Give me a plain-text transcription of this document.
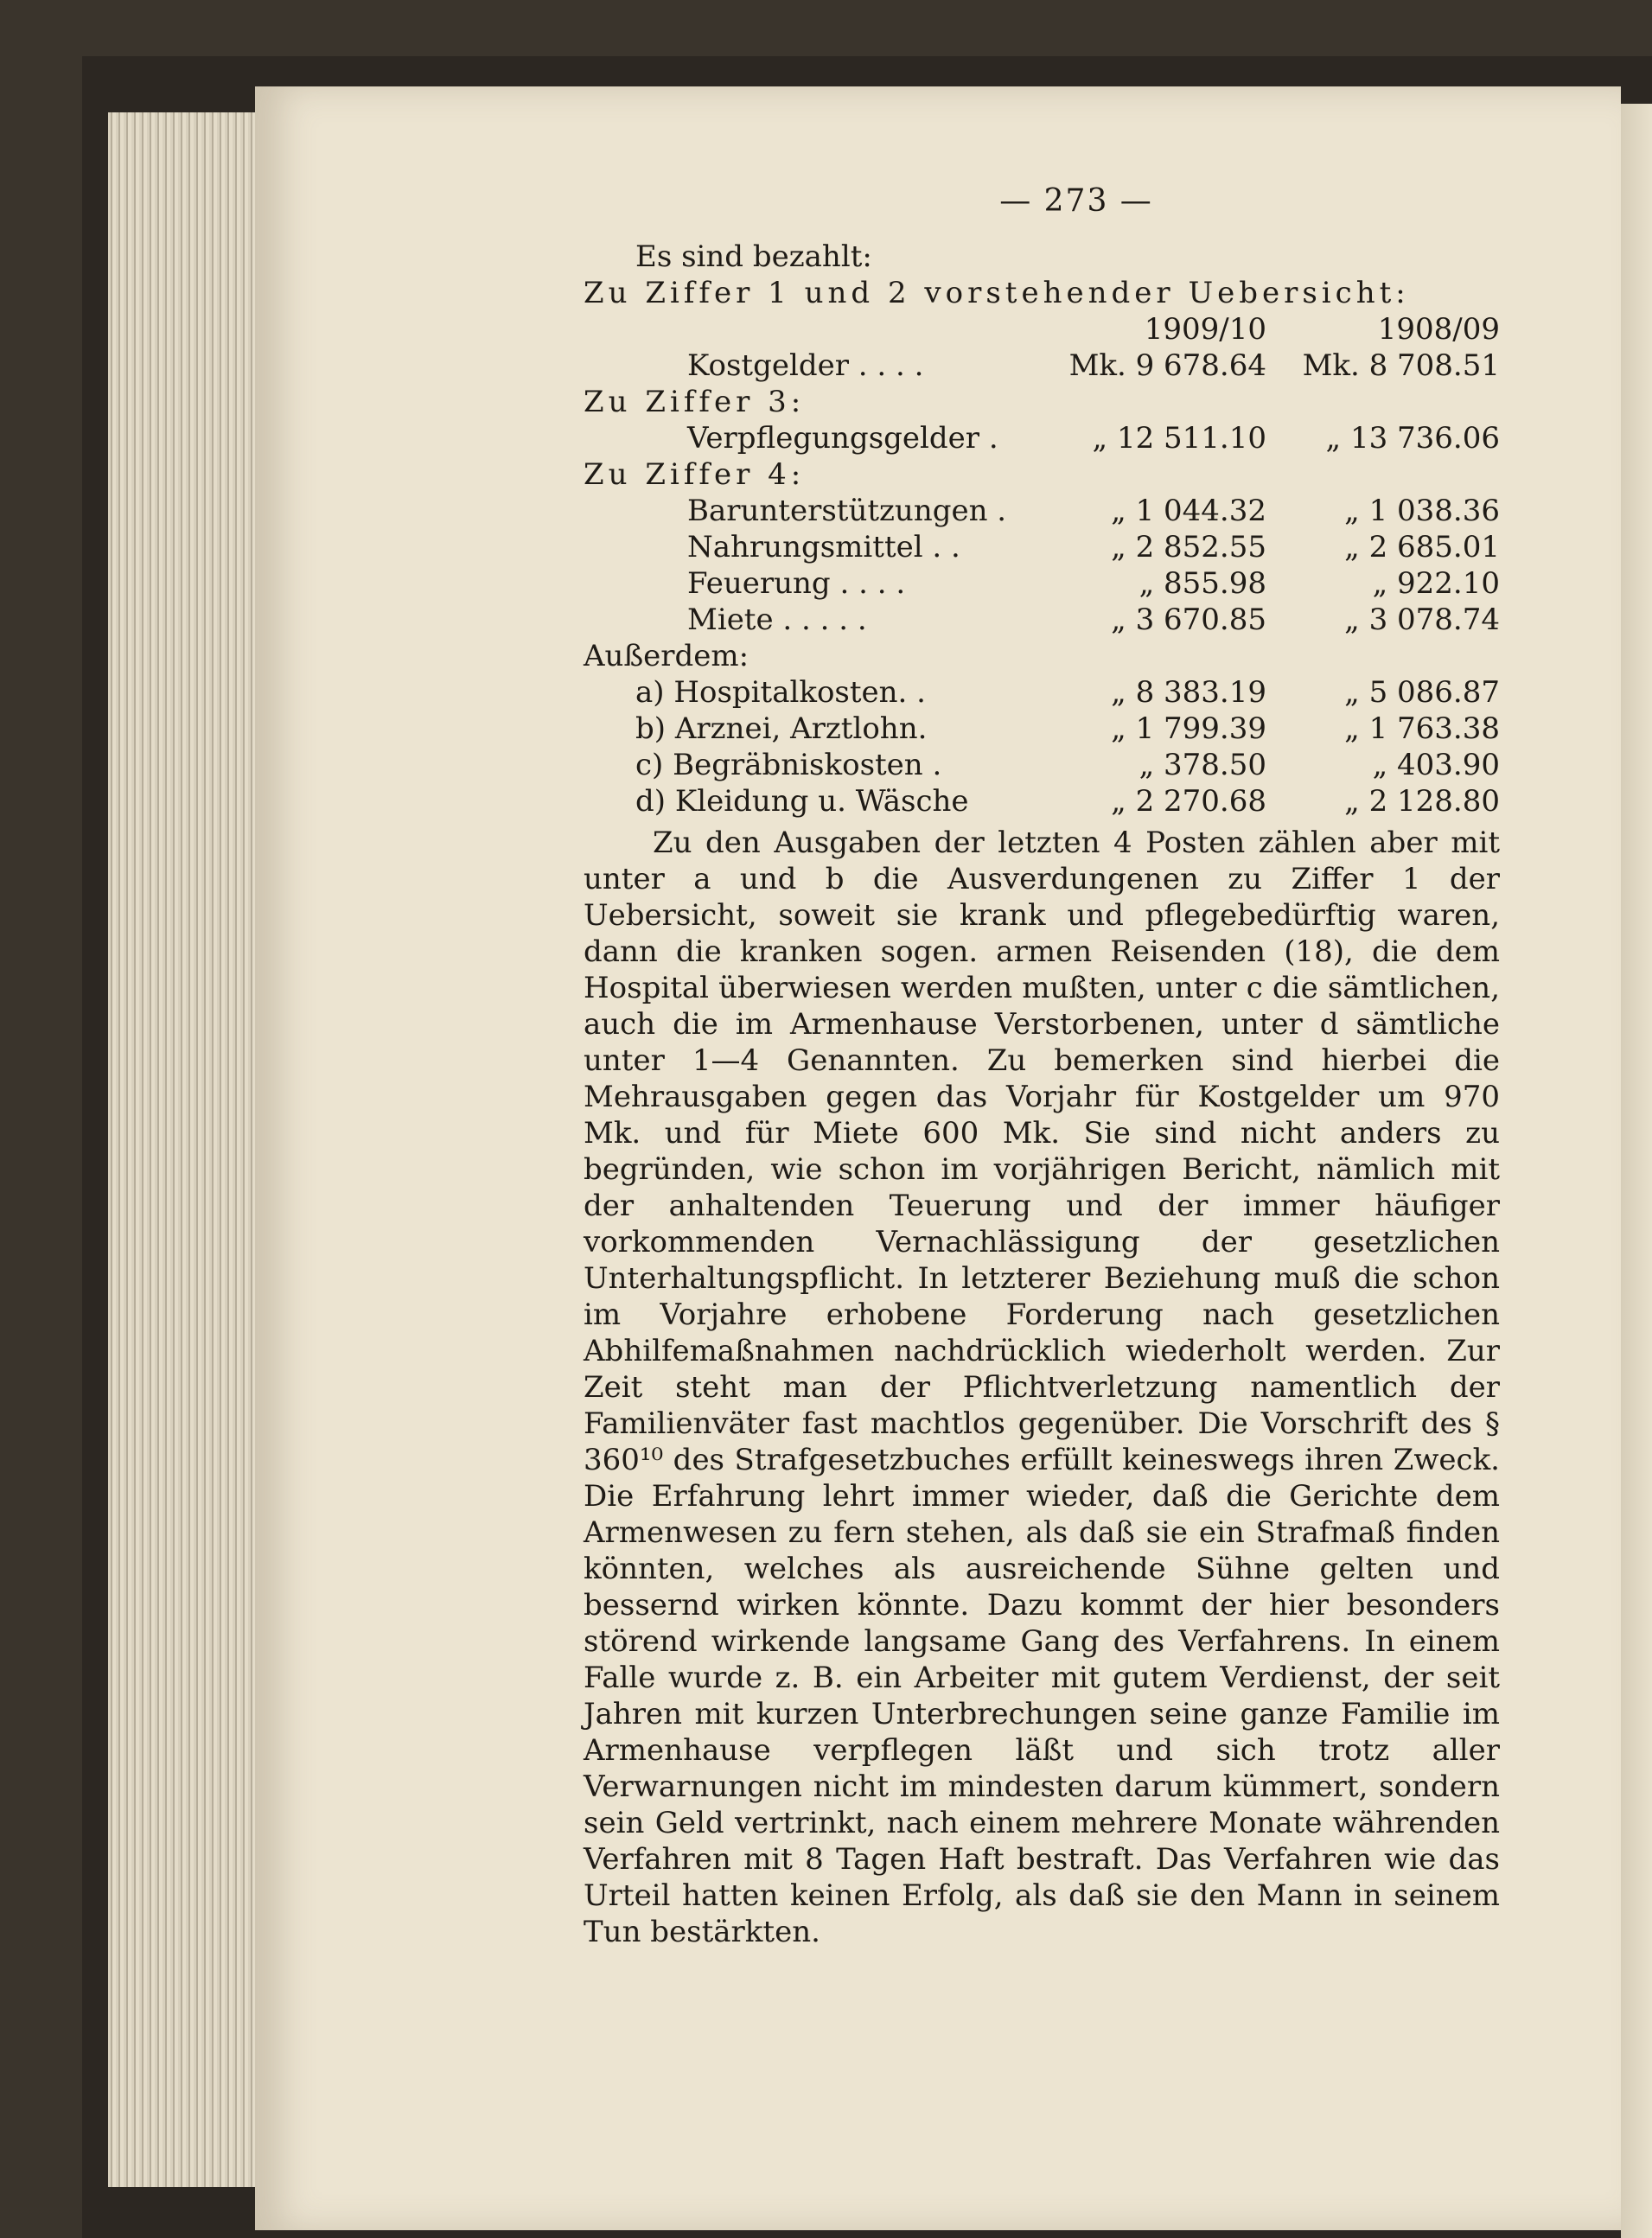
— 273 —
Es sind bezahlt:
Zu Ziffer 1 und 2 vorstehender Uebersicht:
1909/10	1908/09
Kostgelder . . . .	Mk. 9 678.64	Mk. 8 708.51
Zu Ziffer 3:
Verpflegungsgelder .	„ 12 511.10	„ 13 736.06
Zu Ziffer 4:
Barunterstützungen .	„ 1 044.32	„ 1 038.36
Nahrungsmittel . .	„ 2 852.55	„ 2 685.01
Feuerung . . . .	„ 855.98	„ 922.10
Miete . . . . .	„ 3 670.85	„ 3 078.74
Außerdem:
a) Hospitalkosten. .	„ 8 383.19	„ 5 086.87
b) Arznei, Arztlohn.	„ 1 799.39	„ 1 763.38
c) Begräbniskosten .	„ 378.50	„ 403.90
d) Kleidung u. Wäsche	„ 2 270.68	„ 2 128.80

Zu den Ausgaben der letzten 4 Posten zählen aber mit unter a und b die Ausverdungenen zu Ziffer 1 der Uebersicht, soweit sie krank und pflegebedürftig waren, dann die kranken sogen. armen Reisenden (18), die dem Hospital überwiesen werden mußten, unter c die sämtlichen, auch die im Armenhause Verstorbenen, unter d sämtliche unter 1—4 Genannten. Zu bemerken sind hierbei die Mehrausgaben gegen das Vorjahr für Kostgelder um 970 Mk. und für Miete 600 Mk. Sie sind nicht anders zu begründen, wie schon im vorjährigen Bericht, nämlich mit der anhaltenden Teuerung und der immer häufiger vorkommenden Vernachlässigung der gesetzlichen Unterhaltungspflicht. In letzterer Beziehung muß die schon im Vorjahre erhobene Forderung nach gesetzlichen Abhilfemaßnahmen nachdrücklich wiederholt werden. Zur Zeit steht man der Pflichtverletzung namentlich der Familienväter fast machtlos gegenüber. Die Vorschrift des § 360¹⁰ des Strafgesetzbuches erfüllt keineswegs ihren Zweck. Die Erfahrung lehrt immer wieder, daß die Gerichte dem Armenwesen zu fern stehen, als daß sie ein Strafmaß finden könnten, welches als ausreichende Sühne gelten und bessernd wirken könnte. Dazu kommt der hier besonders störend wirkende langsame Gang des Verfahrens. In einem Falle wurde z. B. ein Arbeiter mit gutem Verdienst, der seit Jahren mit kurzen Unterbrechungen seine ganze Familie im Armenhause verpflegen läßt und sich trotz aller Verwarnungen nicht im mindesten darum kümmert, sondern sein Geld vertrinkt, nach einem mehrere Monate währenden Verfahren mit 8 Tagen Haft bestraft. Das Verfahren wie das Urteil hatten keinen Erfolg, als daß sie den Mann in seinem Tun bestärkten.
